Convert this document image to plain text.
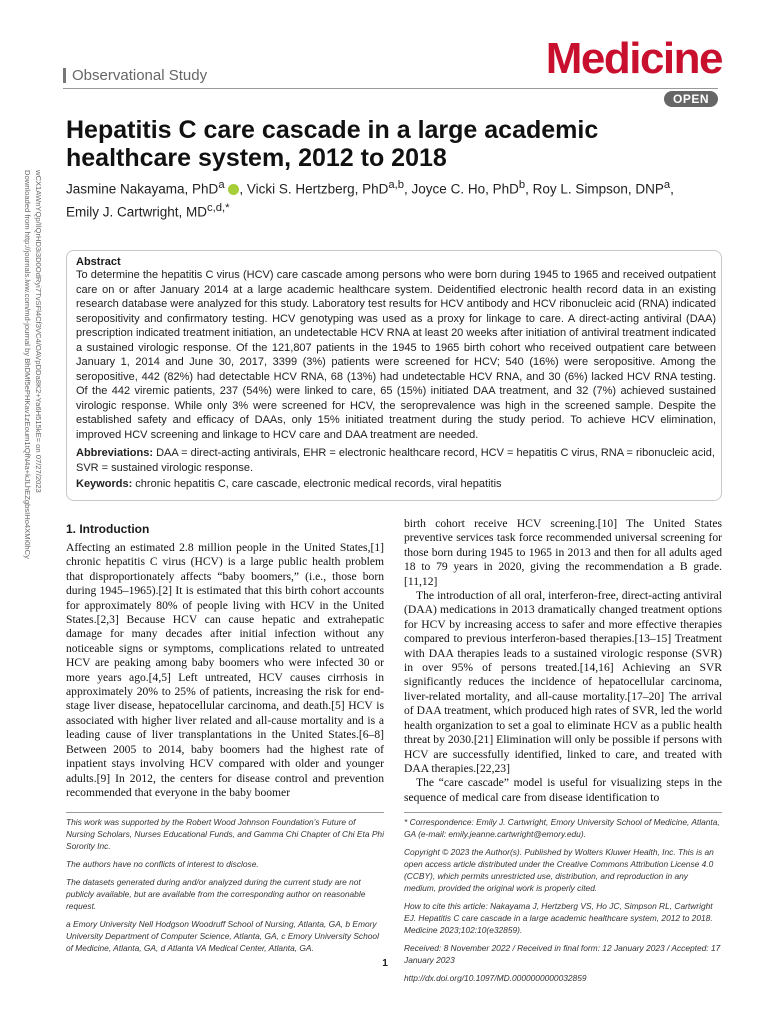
Downloaded from http://journals.lww.com/md-journal by BhDMf5ePHKav1zEoum1tQfN4a+kJLhEZgbsIHo4XMi0hCy wCX1AWnYQp/IlQrHD3i3D0OdRyi7TvSFl4Cf3VC4/OAVpDDa8K2+Ya6H515kE= on 07/27/2023
Observational Study	Medicine
OPEN
Hepatitis C care cascade in a large academic healthcare system, 2012 to 2018
Jasmine Nakayama, PhD$^a$ , Vicki S. Hertzberg, PhD$^{a,b}$, Joyce C. Ho, PhD$^b$, Roy L. Simpson, DNP$^a$,
Emily J. Cartwright, $MD^{c,d,*}$
Abstract
To determine the hepatitis C virus (HCV) care cascade among persons who were born during 1945 to 1965 and received outpatient care on or after January 2014 at a large academic healthcare system. Deidentified electronic health record data in an existing research database were analyzed for this study. Laboratory test results for HCV antibody and HCV ribonucleic acid (RNA) indicated seropositivity and confirmatory testing. HCV genotyping was used as a proxy for linkage to care. A direct-acting antiviral (DAA) prescription indicated treatment initiation, an undetectable HCV RNA at least 20 weeks after initiation of antiviral treatment indicated a sustained virologic response. Of the 121,807 patients in the 1945 to 1965 birth cohort who received outpatient care between January 1, 2014 and June 30, 2017, 3399 (3%) patients were screened for HCV; 540 (16%) were seropositive. Among the seropositive, 442 (82%) had detectable HCV RNA, 68 (13%) had undetectable HCV RNA, and 30 (6%) lacked HCV RNA testing. Of the 442 viremic patients, 237 (54%) were linked to care, 65 (15%) initiated DAA treatment, and 32 (7%) achieved sustained virologic response. While only 3% were screened for HCV, the seroprevalence was high in the screened sample. Despite the established safety and efficacy of DAAs, only 15% initiated treatment during the study period. To achieve HCV elimination, improved HCV screening and linkage to HCV care and DAA treatment are needed.
Abbreviations: DAA = direct-acting antivirals, EHR = electronic healthcare record, HCV = hepatitis C virus, RNA = ribonucleic acid, SVR = sustained virologic response.
Keywords: chronic hepatitis C, care cascade, electronic medical records, viral hepatitis
1. Introduction

Affecting an estimated 2.8 million people in the United States,[1] chronic hepatitis C virus (HCV) is a large public health problem that disproportionately affects “baby boomers,” (i.e., those born during 1945–1965).[2] It is estimated that this birth cohort accounts for approximately 80% of people living with HCV in the United States.[2,3] Because HCV can cause hepatic and extrahepatic damage for many decades after initial infection without any noticeable signs or symptoms, complications related to untreated HCV are peaking among baby boomers who were infected 30 or more years ago.[4,5] Left untreated, HCV causes cirrhosis in approximately 20% to 25% of patients, increasing the risk for end-stage liver disease, hepatocellular carcinoma, and death.[5] HCV is associated with higher liver related and all-cause mortality and is a leading cause of liver transplantations in the United States.[6–8] Between 2005 to 2014, baby boomers had the highest rate of inpatient stays involving HCV compared with older and younger adults.[9] In 2012, the centers for disease control and prevention recommended that everyone in the baby boomer

birth cohort receive HCV screening.[10] The United States preventive services task force recommended universal screening for those born during 1945 to 1965 in 2013 and then for all adults aged 18 to 79 years in 2020, giving the recommendation a B grade.[11,12]

The introduction of all oral, interferon-free, direct-acting antiviral (DAA) medications in 2013 dramatically changed treatment options for HCV by increasing access to safer and more effective therapies compared to previous interferon-based therapies.[13–15] Treatment with DAA therapies leads to a sustained virologic response (SVR) in over 95% of persons treated.[14,16] Achieving an SVR significantly reduces the incidence of hepatocellular carcinoma, liver-related mortality, and all-cause mortality.[17–20] The arrival of DAA treatment, which produced high rates of SVR, led the world health organization to set a goal to eliminate HCV as a public health threat by 2030.[21] Elimination will only be possible if persons with HCV are successfully identified, linked to care, and treated with DAA therapies.[22,23]

The “care cascade” model is useful for visualizing steps in the sequence of medical care from disease identification to

This work was supported by the Robert Wood Johnson Foundation’s Future of Nursing Scholars, Nurses Educational Funds, and Gamma Chi Chapter of Chi Eta Phi Sorority Inc.

The authors have no conflicts of interest to disclose.

The datasets generated during and/or analyzed during the current study are not publicly available, but are available from the corresponding author on reasonable request.

a Emory University Nell Hodgson Woodruff School of Nursing, Atlanta, GA, b Emory University Department of Computer Science, Atlanta, GA, c Emory University School of Medicine, Atlanta, GA, d Atlanta VA Medical Center, Atlanta, GA.

* Correspondence: Emily J. Cartwright, Emory University School of Medicine, Atlanta, GA (e-mail: emily.jeanne.cartwright@emory.edu).

Copyright © 2023 the Author(s). Published by Wolters Kluwer Health, Inc. This is an open access article distributed under the Creative Commons Attribution License 4.0 (CCBY), which permits unrestricted use, distribution, and reproduction in any medium, provided the original work is properly cited.

How to cite this article: Nakayama J, Hertzberg VS, Ho JC, Simpson RL, Cartwright EJ. Hepatitis C care cascade in a large academic healthcare system, 2012 to 2018. Medicine 2023;102:10(e32859).

Received: 8 November 2022 / Received in final form: 12 January 2023 / Accepted: 17 January 2023

http://dx.doi.org/10.1097/MD.0000000000032859

1
